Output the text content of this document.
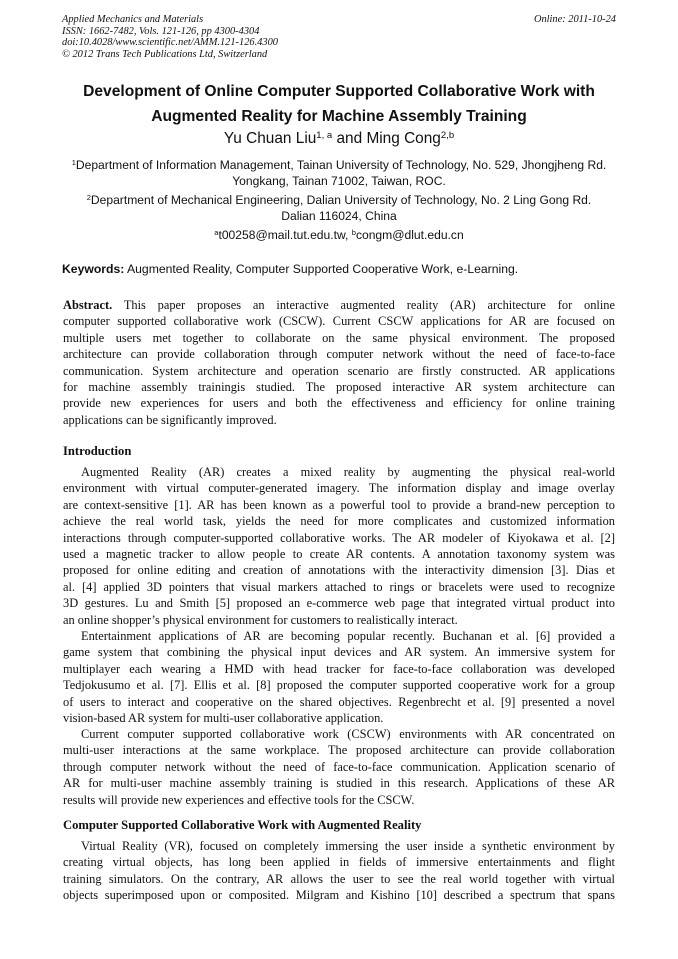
Applied Mechanics and Materials	Online: 2011-10-24
ISSN: 1662-7482, Vols. 121-126, pp 4300-4304
doi:10.4028/www.scientific.net/AMM.121-126.4300
© 2012 Trans Tech Publications Ltd, Switzerland
Development of Online Computer Supported Collaborative Work with
Augmented Reality for Machine Assembly Training
Yu Chuan Liu$^{1, a}$ and Ming Cong$^{2,b}$
$^1$Department of Information Management, Tainan University of Technology, No. 529, Jhongjheng Rd.
Yongkang, Tainan 71002, Taiwan, ROC.
$^2$Department of Mechanical Engineering, Dalian University of Technology, No. 2 Ling Gong Rd.
Dalian 116024, China
$^a$t00258@mail.tut.edu.tw, $^b$congm@dlut.edu.cn
Keywords: Augmented Reality, Computer Supported Cooperative Work, e-Learning.
Abstract. This paper proposes an interactive augmented reality (AR) architecture for online
computer supported collaborative work (CSCW). Current CSCW applications for AR are focused on
multiple users met together to collaborate on the same physical environment. The proposed
architecture can provide collaboration through computer network without the need of face-to-face
communication. System architecture and operation scenario are firstly constructed. AR applications
for machine assembly trainingis studied. The proposed interactive AR system architecture can
provide new experiences for users and both the effectiveness and efficiency for online training
applications can be significantly improved.
Introduction
Augmented Reality (AR) creates a mixed reality by augmenting the physical real-world
environment with virtual computer-generated imagery. The information display and image overlay
are context-sensitive [1]. AR has been known as a powerful tool to provide a brand-new perception to
achieve the real world task, yields the need for more complicates and customized information
interactions through computer-supported collaborative works. The AR modeler of Kiyokawa et al. [2]
used a magnetic tracker to allow people to create AR contents. A annotation taxonomy system was
proposed for online editing and creation of annotations with the interactivity dimension [3]. Dias et
al. [4] applied 3D pointers that visual markers attached to rings or bracelets were used to recognize
3D gestures. Lu and Smith [5] proposed an e-commerce web page that integrated virtual product into
an online shopper’s physical environment for customers to realistically interact.
Entertainment applications of AR are becoming popular recently. Buchanan et al. [6] provided a
game system that combining the physical input devices and AR system. An immersive system for
multiplayer each wearing a HMD with head tracker for face-to-face collaboration was developed
Tedjokusumo et al. [7]. Ellis et al. [8] proposed the computer supported cooperative work for a group
of users to interact and cooperative on the shared objectives. Regenbrecht et al. [9] presented a novel
vision-based AR system for multi-user collaborative application.
Current computer supported collaborative work (CSCW) environments with AR concentrated on
multi-user interactions at the same workplace. The proposed architecture can provide collaboration
through computer network without the need of face-to-face communication. Application scenario of
AR for multi-user machine assembly training is studied in this research. Applications of these AR
results will provide new experiences and effective tools for the CSCW.
Computer Supported Collaborative Work with Augmented Reality
Virtual Reality (VR), focused on completely immersing the user inside a synthetic environment by
creating virtual objects, has long been applied in fields of immersive entertainments and flight
training simulators. On the contrary, AR allows the user to see the real world together with virtual
objects superimposed upon or composited. Milgram and Kishino [10] described a spectrum that spans
